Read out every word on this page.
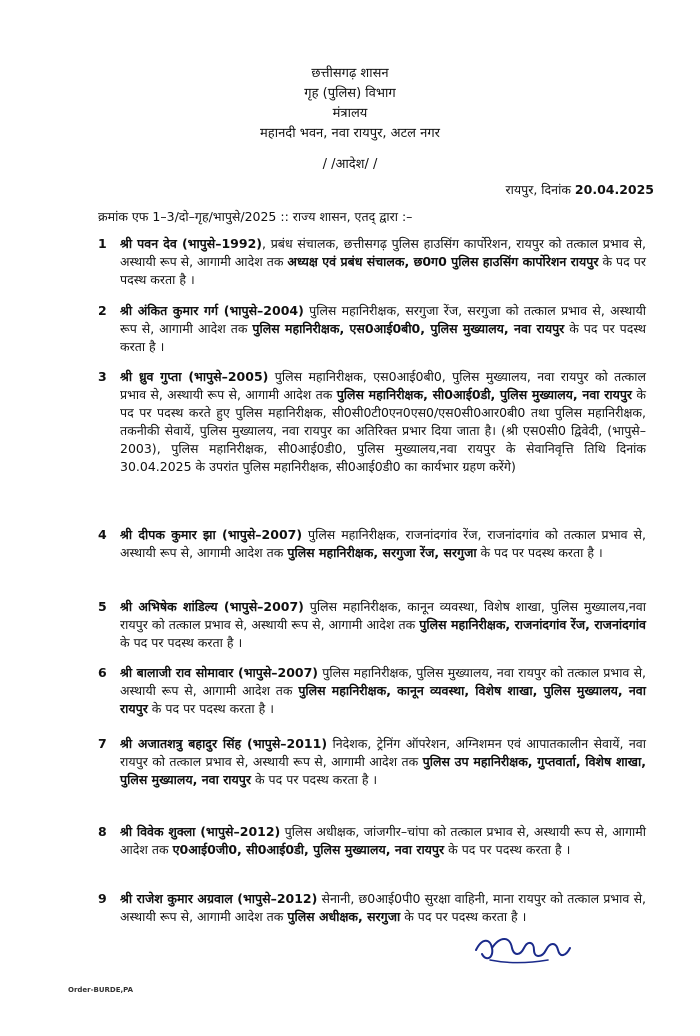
छत्तीसगढ़ शासन
गृह (पुलिस) विभाग
मंत्रालय
महानदी भवन, नवा रायपुर, अटल नगर
/ /आदेश/ /
रायपुर, दिनांक 20.04.2025
क्रमांक एफ 1–3/दो–गृह/भापुसे/2025 :: राज्य शासन, एतद् द्वारा :–
1 श्री पवन देव (भापुसे–1992), प्रबंध संचालक, छत्तीसगढ़ पुलिस हाउसिंग कार्पोरेशन, रायपुर को तत्काल प्रभाव से, अस्थायी रूप से, आगामी आदेश तक अध्यक्ष एवं प्रबंध संचालक, छ0ग0 पुलिस हाउसिंग कार्पोरेशन रायपुर के पद पर पदस्थ करता है ।
2 श्री अंकित कुमार गर्ग (भापुसे–2004) पुलिस महानिरीक्षक, सरगुजा रेंज, सरगुजा को तत्काल प्रभाव से, अस्थायी रूप से, आगामी आदेश तक पुलिस महानिरीक्षक, एस0आई0बी0, पुलिस मुख्यालय, नवा रायपुर के पद पर पदस्थ करता है ।
3 श्री ध्रुव गुप्ता (भापुसे–2005) पुलिस महानिरीक्षक, एस0आई0बी0, पुलिस मुख्यालय, नवा रायपुर को तत्काल प्रभाव से, अस्थायी रूप से, आगामी आदेश तक पुलिस महानिरीक्षक, सी0आई0डी, पुलिस मुख्यालय, नवा रायपुर के पद पर पदस्थ करते हुए पुलिस महानिरीक्षक, सी0सी0टी0एन0एस0/एस0सी0आर0बी0 तथा पुलिस महानिरीक्षक, तकनीकी सेवायें, पुलिस मुख्यालय, नवा रायपुर का अतिरिक्त प्रभार दिया जाता है। (श्री एस0सी0 द्विवेदी, (भापुसे–2003), पुलिस महानिरीक्षक, सी0आई0डी0, पुलिस मुख्यालय,नवा रायपुर के सेवानिवृत्ति तिथि दिनांक 30.04.2025 के उपरांत पुलिस महानिरीक्षक, सी0आई0डी0 का कार्यभार ग्रहण करेंगे)
4 श्री दीपक कुमार झा (भापुसे–2007) पुलिस महानिरीक्षक, राजनांदगांव रेंज, राजनांदगांव को तत्काल प्रभाव से, अस्थायी रूप से, आगामी आदेश तक पुलिस महानिरीक्षक, सरगुजा रेंज, सरगुजा के पद पर पदस्थ करता है ।
5 श्री अभिषेक शांडिल्य (भापुसे–2007) पुलिस महानिरीक्षक, कानून व्यवस्था, विशेष शाखा, पुलिस मुख्यालय,नवा रायपुर को तत्काल प्रभाव से, अस्थायी रूप से, आगामी आदेश तक पुलिस महानिरीक्षक, राजनांदगांव रेंज, राजनांदगांव के पद पर पदस्थ करता है ।
6 श्री बालाजी राव सोमावार (भापुसे–2007) पुलिस महानिरीक्षक, पुलिस मुख्यालय, नवा रायपुर को तत्काल प्रभाव से, अस्थायी रूप से, आगामी आदेश तक पुलिस महानिरीक्षक, कानून व्यवस्था, विशेष शाखा, पुलिस मुख्यालय, नवा रायपुर के पद पर पदस्थ करता है ।
7 श्री अजातशत्रु बहादुर सिंह (भापुसे–2011) निदेशक, ट्रेनिंग ऑपरेशन, अग्निशमन एवं आपातकालीन सेवायें, नवा रायपुर को तत्काल प्रभाव से, अस्थायी रूप से, आगामी आदेश तक पुलिस उप महानिरीक्षक, गुप्तवार्ता, विशेष शाखा, पुलिस मुख्यालय, नवा रायपुर के पद पर पदस्थ करता है ।
8 श्री विवेक शुक्ला (भापुसे–2012) पुलिस अधीक्षक, जांजगीर–चांपा को तत्काल प्रभाव से, अस्थायी रूप से, आगामी आदेश तक ए0आई0जी0, सी0आई0डी, पुलिस मुख्यालय, नवा रायपुर के पद पर पदस्थ करता है ।
9 श्री राजेश कुमार अग्रवाल (भापुसे–2012) सेनानी, छ0आई0पी0 सुरक्षा वाहिनी, माना रायपुर को तत्काल प्रभाव से, अस्थायी रूप से, आगामी आदेश तक पुलिस अधीक्षक, सरगुजा के पद पर पदस्थ करता है ।
Order-BURDE,PA
